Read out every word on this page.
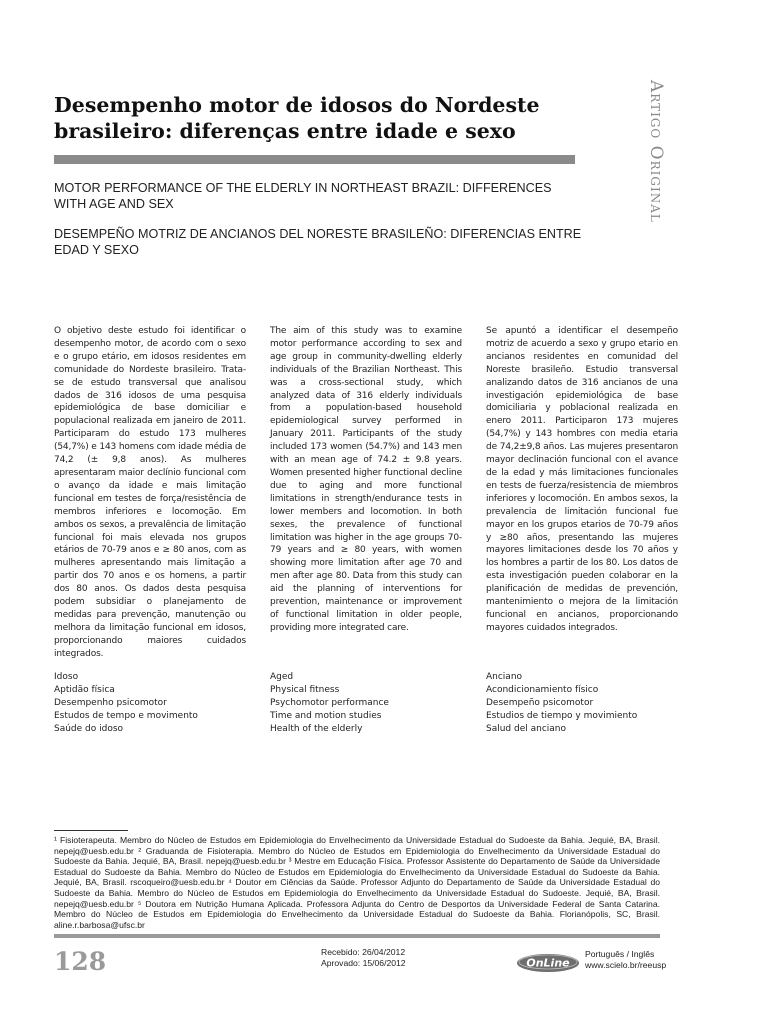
Artigo Original
Desempenho motor de idosos do Nordeste brasileiro: diferenças entre idade e sexo
MOTOR PERFORMANCE OF THE ELDERLY IN NORTHEAST BRAZIL: DIFFERENCES WITH AGE AND SEX
DESEMPEÑO MOTRIZ DE ANCIANOS DEL NORESTE BRASILEÑO: DIFERENCIAS ENTRE EDAD Y SEXO

O objetivo deste estudo foi identificar o desempenho motor, de acordo com o sexo e o grupo etário, em idosos residentes em comunidade do Nordeste brasileiro. Trata-se de estudo transversal que analisou dados de 316 idosos de uma pesquisa epidemiológica de base domiciliar e populacional realizada em janeiro de 2011. Participaram do estudo 173 mulheres (54,7%) e 143 homens com idade média de 74,2 (± 9,8 anos). As mulheres apresentaram maior declínio funcional com o avanço da idade e mais limitação funcional em testes de força/resistência de membros inferiores e locomoção. Em ambos os sexos, a prevalência de limitação funcional foi mais elevada nos grupos etários de 70-79 anos e ≥ 80 anos, com as mulheres apresentando mais limitação a partir dos 70 anos e os homens, a partir dos 80 anos. Os dados desta pesquisa podem subsidiar o planejamento de medidas para prevenção, manutenção ou melhora da limitação funcional em idosos, proporcionando maiores cuidados integrados.

The aim of this study was to examine motor performance according to sex and age group in community-dwelling elderly individuals of the Brazilian Northeast. This was a cross-sectional study, which analyzed data of 316 elderly individuals from a population-based household epidemiological survey performed in January 2011. Participants of the study included 173 women (54.7%) and 143 men with an mean age of 74.2 ± 9.8 years. Women presented higher functional decline due to aging and more functional limitations in strength/endurance tests in lower members and locomotion. In both sexes, the prevalence of functional limitation was higher in the age groups 70-79 years and ≥ 80 years, with women showing more limitation after age 70 and men after age 80. Data from this study can aid the planning of interventions for prevention, maintenance or improvement of functional limitation in older people, providing more integrated care.

Se apuntó a identificar el desempeño motriz de acuerdo a sexo y grupo etario en ancianos residentes en comunidad del Noreste brasileño. Estudio transversal analizando datos de 316 ancianos de una investigación epidemiológica de base domiciliaria y poblacional realizada en enero 2011. Participaron 173 mujeres (54,7%) y 143 hombres con media etaria de 74,2±9,8 años. Las mujeres presentaron mayor declinación funcional con el avance de la edad y más limitaciones funcionales en tests de fuerza/resistencia de miembros inferiores y locomoción. En ambos sexos, la prevalencia de limitación funcional fue mayor en los grupos etarios de 70-79 años y ≥80 años, presentando las mujeres mayores limitaciones desde los 70 años y los hombres a partir de los 80. Los datos de esta investigación pueden colaborar en la planificación de medidas de prevención, mantenimiento o mejora de la limitación funcional en ancianos, proporcionando mayores cuidados integrados.

Idoso
Aptidão física
Desempenho psicomotor
Estudos de tempo e movimento
Saúde do idoso
Aged
Physical fitness
Psychomotor performance
Time and motion studies
Health of the elderly
Anciano
Acondicionamiento físico
Desempeño psicomotor
Estudios de tiempo y movimiento
Salud del anciano
¹ Fisioterapeuta. Membro do Núcleo de Estudos em Epidemiologia do Envelhecimento da Universidade Estadual do Sudoeste da Bahia. Jequié, BA, Brasil. nepejq@uesb.edu.br ² Graduanda de Fisioterapia. Membro do Núcleo de Estudos em Epidemiologia do Envelhecimento da Universidade Estadual do Sudoeste da Bahia. Jequié, BA, Brasil. nepejq@uesb.edu.br ³ Mestre em Educação Física. Professor Assistente do Departamento de Saúde da Universidade Estadual do Sudoeste da Bahia. Membro do Núcleo de Estudos em Epidemiologia do Envelhecimento da Universidade Estadual do Sudoeste da Bahia. Jequié, BA, Brasil. rscoqueiro@uesb.edu.br ⁴ Doutor em Ciências da Saúde. Professor Adjunto do Departamento de Saúde da Universidade Estadual do Sudoeste da Bahia. Membro do Núcleo de Estudos em Epidemiologia do Envelhecimento da Universidade Estadual do Sudoeste. Jequié, BA, Brasil. nepejq@uesb.edu.br ⁵ Doutora em Nutrição Humana Aplicada. Professora Adjunta do Centro de Desportos da Universidade Federal de Santa Catarina. Membro do Núcleo de Estudos em Epidemiologia do Envelhecimento da Universidade Estadual do Sudoeste da Bahia. Florianópolis, SC, Brasil. aline.r.barbosa@ufsc.br
128	Recebido: 26/04/2012
Aprovado: 15/06/2012	OnLine
Português / Inglês
www.scielo.br/reeusp
